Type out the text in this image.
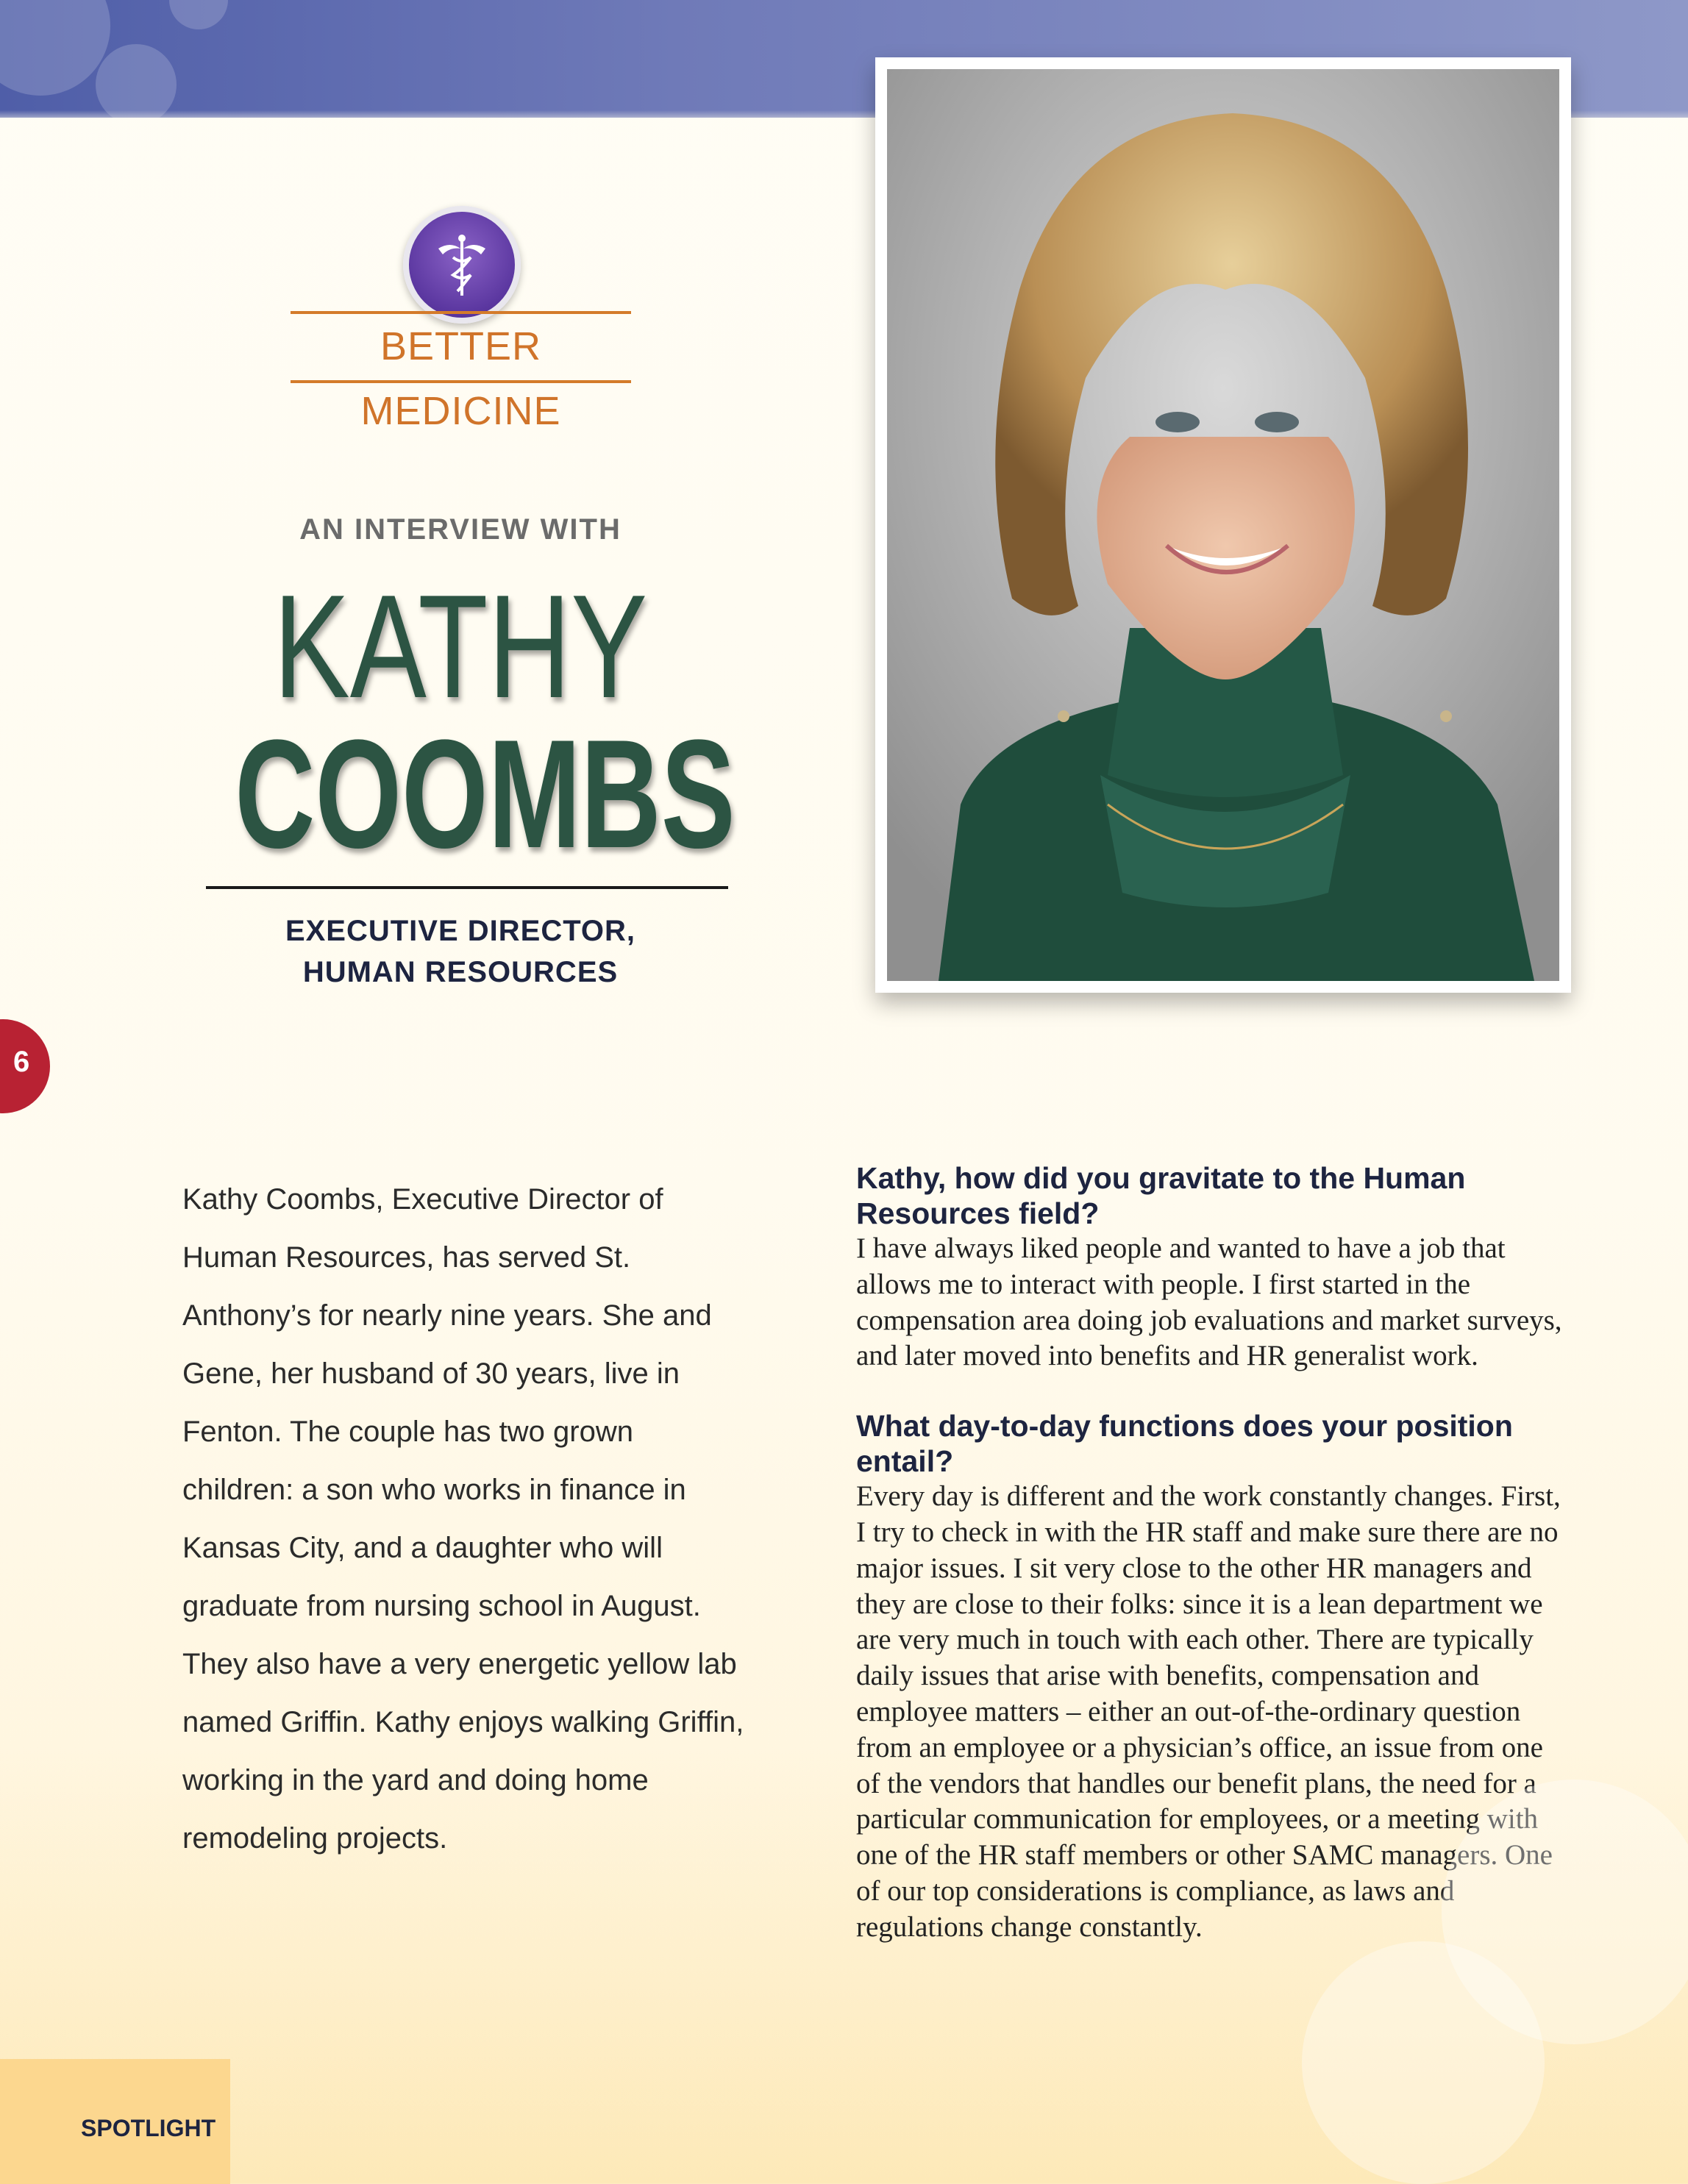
BETTER MEDICINE
AN INTERVIEW WITH
KATHY
COOMBS
EXECUTIVE DIRECTOR,
HUMAN RESOURCES
6
Kathy Coombs, Executive Director of Human Resources, has served St. Anthony’s for nearly nine years. She and Gene, her husband of 30 years, live in Fenton. The couple has two grown children: a son who works in finance in Kansas City, and a daughter who will graduate from nursing school in August. They also have a very energetic yellow lab named Griffin. Kathy enjoys walking Griffin, working in the yard and doing home remodeling projects.
Kathy, how did you gravitate to the Human Resources field?
I have always liked people and wanted to have a job that allows me to interact with people. I first started in the compensation area doing job evaluations and market surveys, and later moved into benefits and HR generalist work.
What day-to-day functions does your position entail?
Every day is different and the work constantly changes. First, I try to check in with the HR staff and make sure there are no major issues. I sit very close to the other HR managers and they are close to their folks: since it is a lean department we are very much in touch with each other. There are typically daily issues that arise with benefits, compensation and employee matters – either an out-of-the-ordinary question from an employee or a physician’s office, an issue from one of the vendors that handles our benefit plans, the need for a particular communication for employees, or a meeting with one of the HR staff members or other SAMC managers. One of our top considerations is compliance, as laws and regulations change constantly.
SPOTLIGHT
